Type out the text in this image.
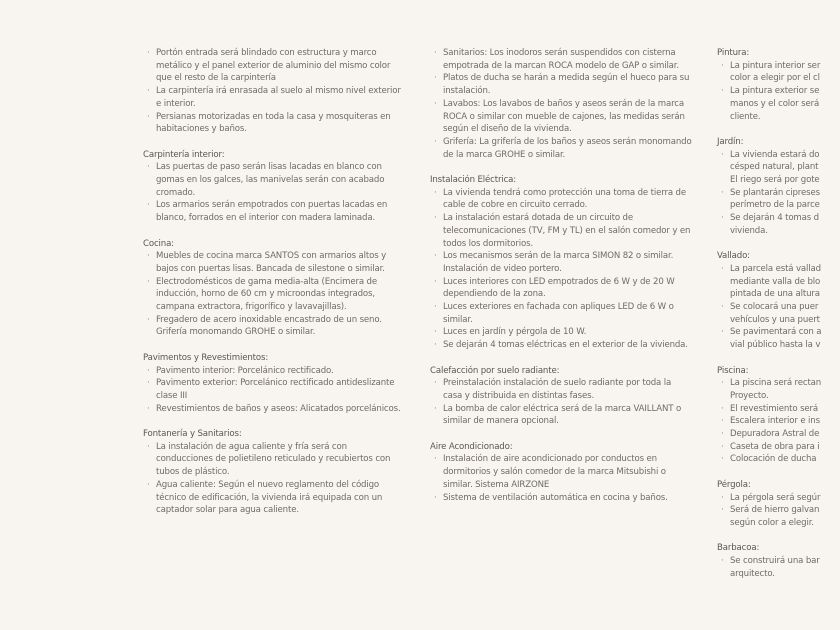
· Portón entrada será blindado con estructura y marco metálico y el panel exterior de aluminio del mismo color que el resto de la carpintería
· La carpintería irá enrasada al suelo al mismo nivel exterior e interior.
· Persianas motorizadas en toda la casa y mosquiteras en habitaciones y baños.
Carpintería interior:
· Las puertas de paso serán lisas lacadas en blanco con gomas en los galces, las manivelas serán con acabado cromado.
· Los armarios serán empotrados con puertas lacadas en blanco, forrados en el interior con madera laminada.
Cocina:
· Muebles de cocina marca SANTOS con armarios altos y bajos con puertas lisas. Bancada de silestone o similar.
· Electrodomésticos de gama media-alta (Encimera de inducción, horno de 60 cm y microondas integrados, campana extractora, frigorífico y lavavajillas).
· Fregadero de acero inoxidable encastrado de un seno. Grifería monomando GROHE o similar.
Pavimentos y Revestimientos:
· Pavimento interior: Porcelánico rectificado.
· Pavimento exterior: Porcelánico rectificado antideslizante clase III
· Revestimientos de baños y aseos: Alicatados porcelánicos.
Fontanería y Sanitarios:
· La instalación de agua caliente y fría será con conducciones de polietileno reticulado y recubiertos con tubos de plástico.
· Agua caliente: Según el nuevo reglamento del código técnico de edificación, la vivienda irá equipada con un captador solar para agua caliente.
· Sanitarios: Los inodoros serán suspendidos con cisterna empotrada de la marcan ROCA modelo de GAP o similar.
· Platos de ducha se harán a medida según el hueco para su instalación.
· Lavabos: Los lavabos de baños y aseos serán de la marca ROCA o similar con mueble de cajones, las medidas serán según el diseño de la vivienda.
· Grifería: La grifería de los baños y aseos serán monomando de la marca GROHE o similar.
Instalación Eléctrica:
· La vivienda tendrá como protección una toma de tierra de cable de cobre en circuito cerrado.
· La instalación estará dotada de un circuito de telecomunicaciones (TV, FM y TL) en el salón comedor y en todos los dormitorios.
· Los mecanismos serán de la marca SIMON 82 o similar. Instalación de video portero.
· Luces interiores con LED empotrados de 6 W y de 20 W dependiendo de la zona.
· Luces exteriores en fachada con apliques LED de 6 W o similar.
· Luces en jardín y pérgola de 10 W.
· Se dejarán 4 tomas eléctricas en el exterior de la vivienda.
Calefacción por suelo radiante:
· Preinstalación instalación de suelo radiante por toda la casa y distribuida en distintas fases.
· La bomba de calor eléctrica será de la marca VAILLANT o similar de manera opcional.
Aire Acondicionado:
· Instalación de aire acondicionado por conductos en dormitorios y salón comedor de la marca Mitsubishi o similar. Sistema AIRZONE
· Sistema de ventilación automática en cocina y baños.
Pintura:
· La pintura interior ser
color a elegir por el cl
· La pintura exterior se
manos y el color será
cliente.
Jardín:
· La vivienda estará do
césped natural, plant
El riego será por gote
· Se plantarán cipreses
perímetro de la parce
· Se dejarán 4 tomas d
vivienda.
Vallado:
· La parcela está vallad
mediante valla de blo
pintada de una altura
· Se colocará una puer
vehículos y una puert
· Se pavimentará con a
vial público hasta la v
Piscina:
· La piscina será rectan
Proyecto.
· El revestimiento será
· Escalera interior e ins
· Depuradora Astral de
· Caseta de obra para i
· Colocación de ducha
Pérgola:
· La pérgola será segúr
· Será de hierro galvan
según color a elegir.
Barbacoa:
· Se construirá una bar
arquitecto.
